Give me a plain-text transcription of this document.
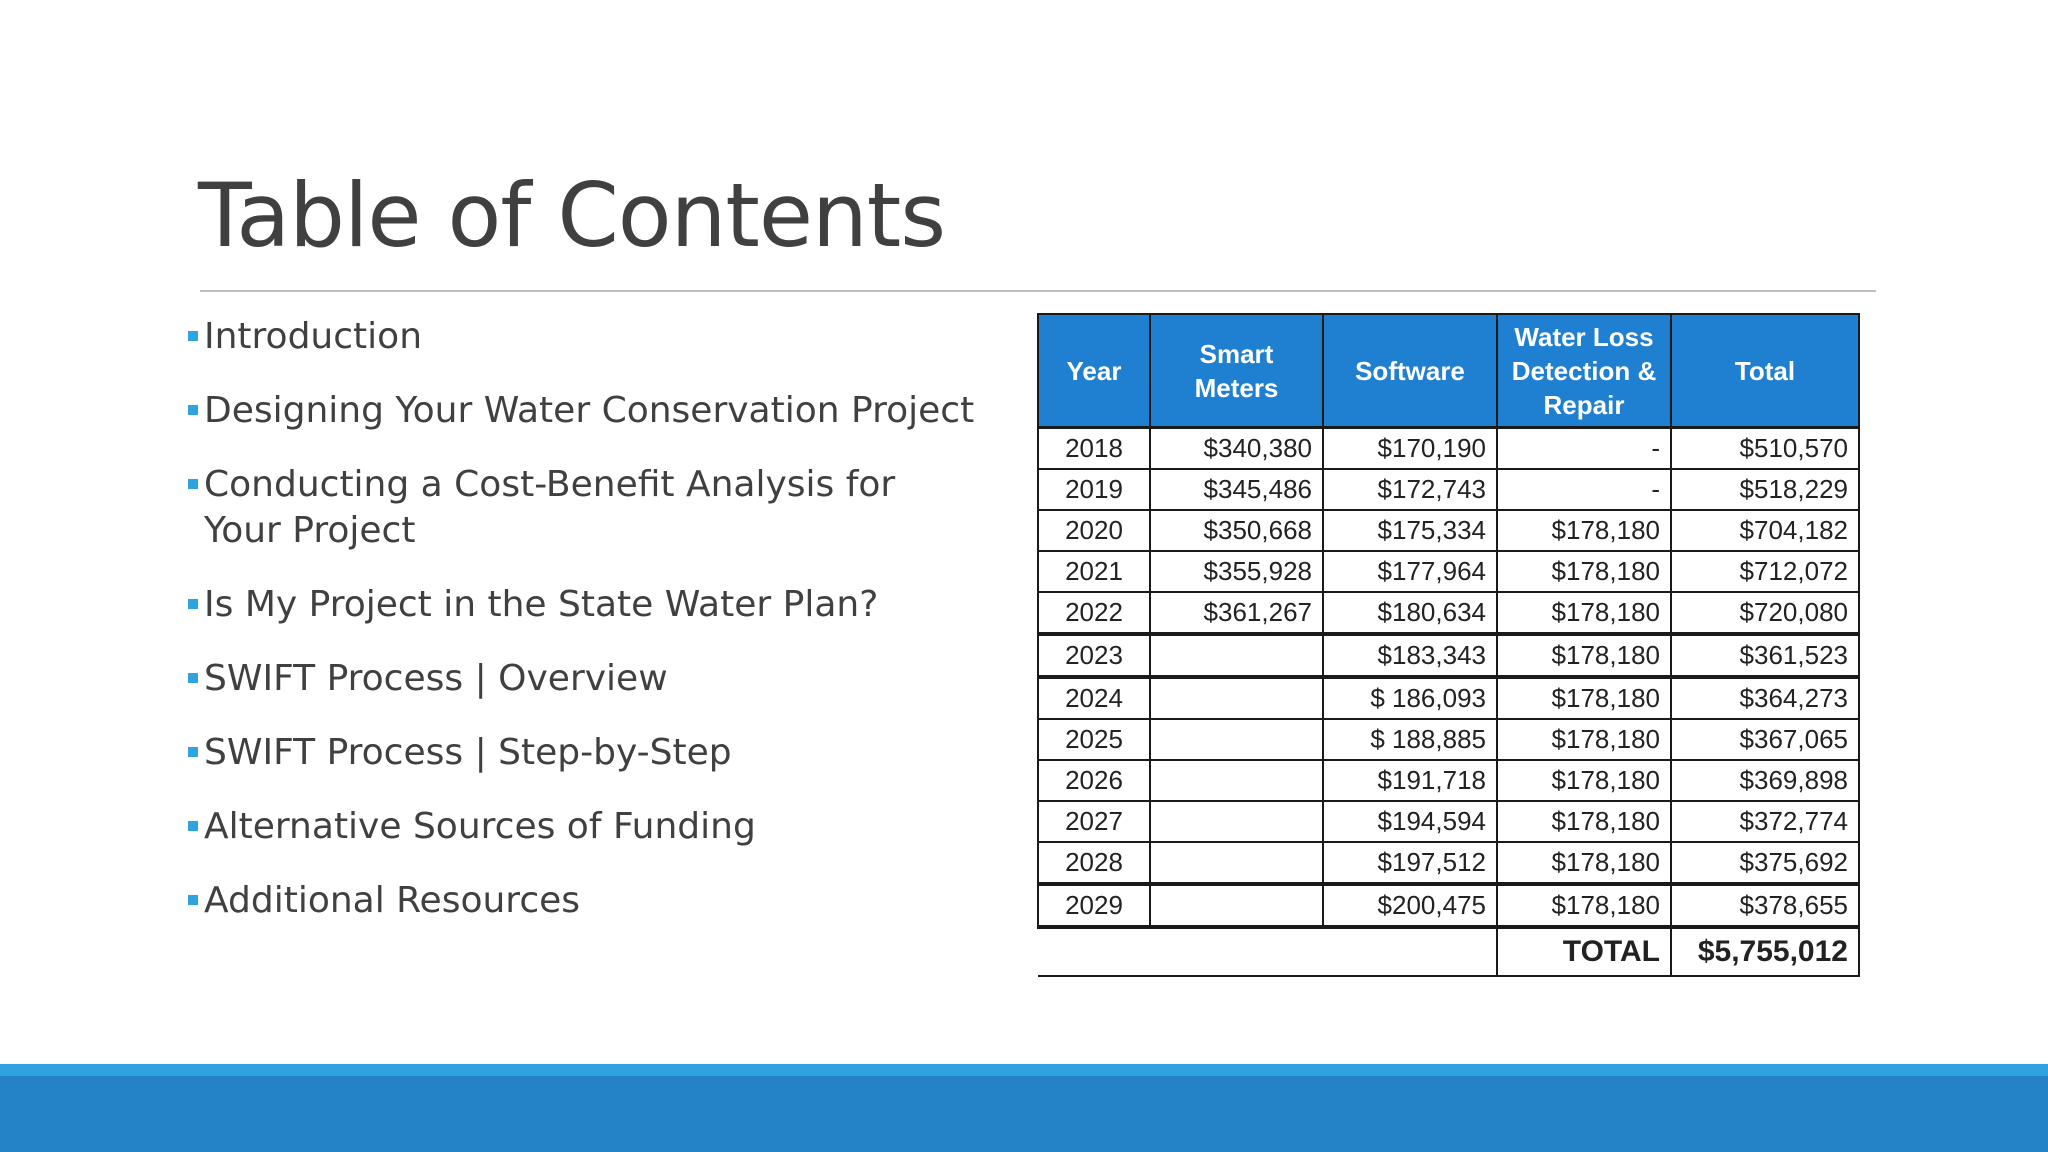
Table of Contents
Introduction
Designing Your Water Conservation Project
Conducting a Cost-Benefit Analysis for Your Project
Is My Project in the State Water Plan?
SWIFT Process | Overview
SWIFT Process | Step-by-Step
Alternative Sources of Funding
Additional Resources
Year	Smart Meters	Software	Water Loss Detection & Repair	Total
2018	$340,380	$170,190	-	$510,570
2019	$345,486	$172,743	-	$518,229
2020	$350,668	$175,334	$178,180	$704,182
2021	$355,928	$177,964	$178,180	$712,072
2022	$361,267	$180,634	$178,180	$720,080
2023		$183,343	$178,180	$361,523
2024		$ 186,093	$178,180	$364,273
2025		$ 188,885	$178,180	$367,065
2026		$191,718	$178,180	$369,898
2027		$194,594	$178,180	$372,774
2028		$197,512	$178,180	$375,692
2029		$200,475	$178,180	$378,655
			TOTAL	$5,755,012
